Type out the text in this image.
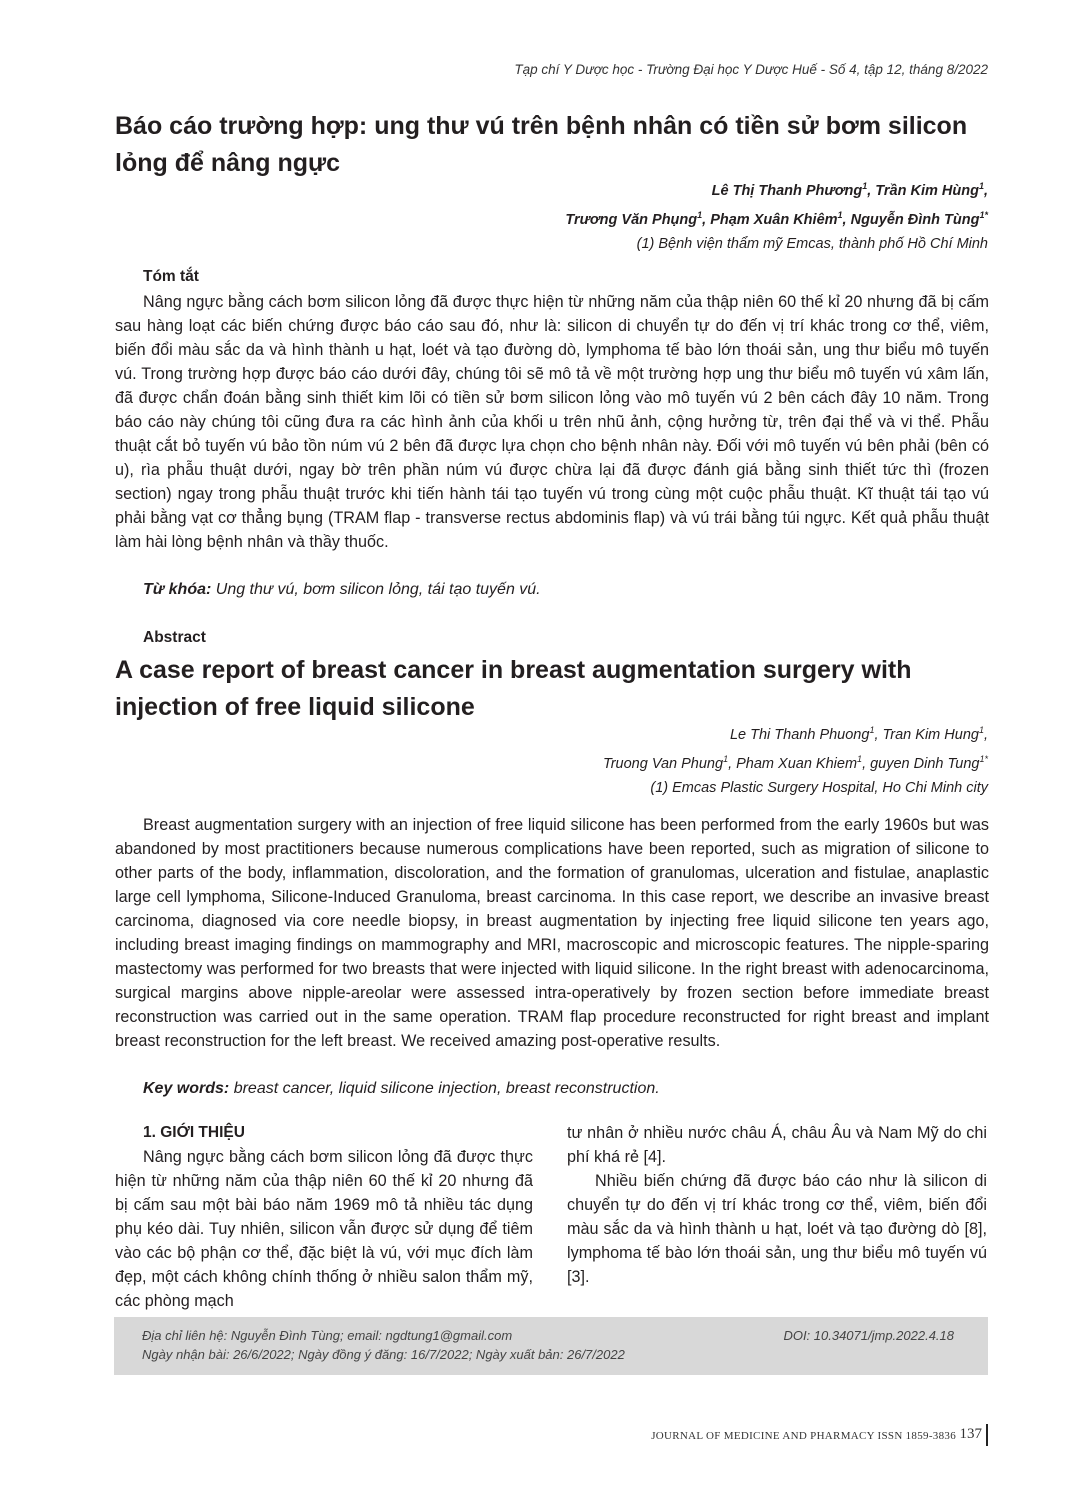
Tạp chí Y Dược học - Trường Đại học Y Dược Huế - Số 4, tập 12, tháng 8/2022
Báo cáo trường hợp: ung thư vú trên bệnh nhân có tiền sử bơm silicon lỏng để nâng ngực
Lê Thị Thanh Phương$^1$, Trần Kim Hùng$^1$,
Trương Văn Phụng$^1$, Phạm Xuân Khiêm$^1$, Nguyễn Đình Tùng$^{1*}$
(1) Bệnh viện thẩm mỹ Emcas, thành phố Hồ Chí Minh
Tóm tắt

Nâng ngực bằng cách bơm silicon lỏng đã được thực hiện từ những năm của thập niên 60 thế kỉ 20 nhưng đã bị cấm sau hàng loạt các biến chứng được báo cáo sau đó, như là: silicon di chuyển tự do đến vị trí khác trong cơ thể, viêm, biến đổi màu sắc da và hình thành u hạt, loét và tạo đường dò, lymphoma tế bào lớn thoái sản, ung thư biểu mô tuyến vú. Trong trường hợp được báo cáo dưới đây, chúng tôi sẽ mô tả về một trường hợp ung thư biểu mô tuyến vú xâm lấn, đã được chẩn đoán bằng sinh thiết kim lõi có tiền sử bơm silicon lỏng vào mô tuyến vú 2 bên cách đây 10 năm. Trong báo cáo này chúng tôi cũng đưa ra các hình ảnh của khối u trên nhũ ảnh, cộng hưởng từ, trên đại thể và vi thể. Phẫu thuật cắt bỏ tuyến vú bảo tồn núm vú 2 bên đã được lựa chọn cho bệnh nhân này. Đối với mô tuyến vú bên phải (bên có u), rìa phẫu thuật dưới, ngay bờ trên phần núm vú được chừa lại đã được đánh giá bằng sinh thiết tức thì (frozen section) ngay trong phẫu thuật trước khi tiến hành tái tạo tuyến vú trong cùng một cuộc phẫu thuật. Kĩ thuật tái tạo vú phải bằng vạt cơ thẳng bụng (TRAM flap - transverse rectus abdominis flap) và vú trái bằng túi ngực. Kết quả phẫu thuật làm hài lòng bệnh nhân và thầy thuốc.

Từ khóa: Ung thư vú, bơm silicon lỏng, tái tạo tuyến vú.
Abstract
A case report of breast cancer in breast augmentation surgery with injection of free liquid silicone
Le Thi Thanh Phuong$^1$, Tran Kim Hung$^1$,
Truong Van Phung$^1$, Pham Xuan Khiem$^1$, guyen Dinh Tung$^{1*}$
(1) Emcas Plastic Surgery Hospital, Ho Chi Minh city

Breast augmentation surgery with an injection of free liquid silicone has been performed from the early 1960s but was abandoned by most practitioners because numerous complications have been reported, such as migration of silicone to other parts of the body, inflammation, discoloration, and the formation of granulomas, ulceration and fistulae, anaplastic large cell lymphoma, Silicone-Induced Granuloma, breast carcinoma. In this case report, we describe an invasive breast carcinoma, diagnosed via core needle biopsy, in breast augmentation by injecting free liquid silicone ten years ago, including breast imaging findings on mammography and MRI, macroscopic and microscopic features. The nipple-sparing mastectomy was performed for two breasts that were injected with liquid silicone. In the right breast with adenocarcinoma, surgical margins above nipple-areolar were assessed intra-operatively by frozen section before immediate breast reconstruction was carried out in the same operation. TRAM flap procedure reconstructed for right breast and implant breast reconstruction for the left breast. We received amazing post-operative results.

Key words: breast cancer, liquid silicone injection, breast reconstruction.
1. GIỚI THIỆU

Nâng ngực bằng cách bơm silicon lỏng đã được thực hiện từ những năm của thập niên 60 thế kỉ 20 nhưng đã bị cấm sau một bài báo năm 1969 mô tả nhiều tác dụng phụ kéo dài. Tuy nhiên, silicon vẫn được sử dụng để tiêm vào các bộ phận cơ thể, đặc biệt là vú, với mục đích làm đẹp, một cách không chính thống ở nhiều salon thẩm mỹ, các phòng mạch

tư nhân ở nhiều nước châu Á, châu Âu và Nam Mỹ do chi phí khá rẻ [4].

Nhiều biến chứng đã được báo cáo như là silicon di chuyển tự do đến vị trí khác trong cơ thể, viêm, biến đổi màu sắc da và hình thành u hạt, loét và tạo đường dò [8], lymphoma tế bào lớn thoái sản, ung thư biểu mô tuyến vú [3].

Địa chỉ liên hệ: Nguyễn Đình Tùng; email: ngdtung1@gmail.com
Ngày nhận bài: 26/6/2022; Ngày đồng ý đăng: 16/7/2022; Ngày xuất bản: 26/7/2022
DOI: 10.34071/jmp.2022.4.18
JOURNAL OF MEDICINE AND PHARMACY ISSN 1859-3836 137
